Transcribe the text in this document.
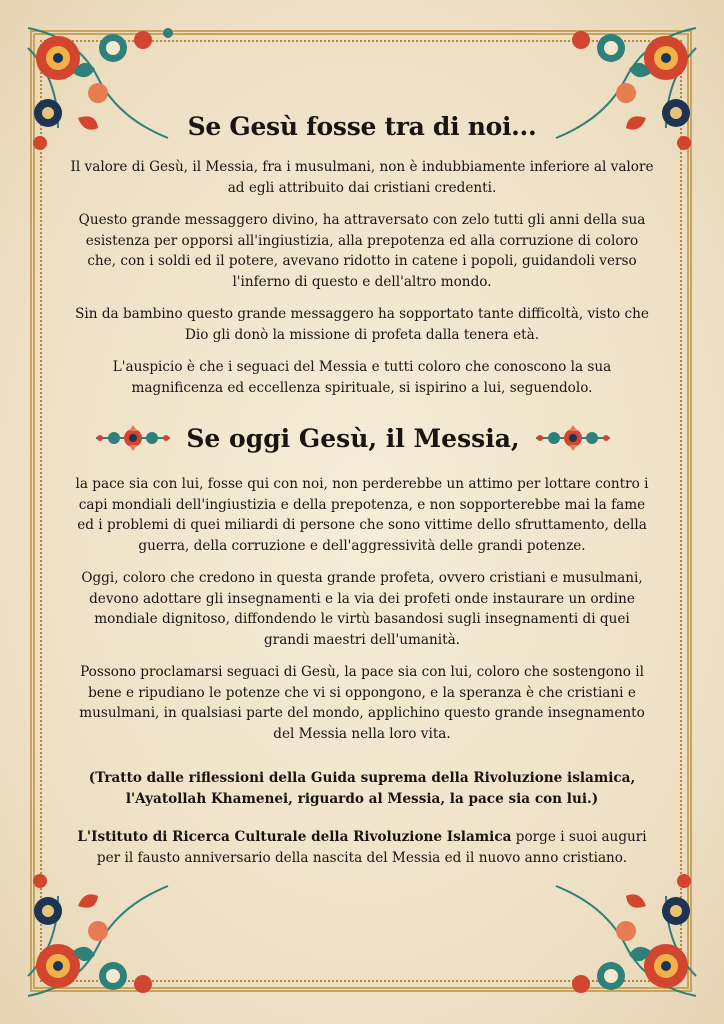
Se Gesù fosse tra di noi...

Il valore di Gesù, il Messia, fra i musulmani, non è indubbiamente inferiore al valore ad egli attribuito dai cristiani credenti.

Questo grande messaggero divino, ha attraversato con zelo tutti gli anni della sua esistenza per opporsi all'ingiustizia, alla prepotenza ed alla corruzione di coloro che, con i soldi ed il potere, avevano ridotto in catene i popoli, guidandoli verso l'inferno di questo e dell'altro mondo.

Sin da bambino questo grande messaggero ha sopportato tante difficoltà, visto che Dio gli donò la missione di profeta dalla tenera età.

L'auspicio è che i seguaci del Messia e tutti coloro che conoscono la sua magnificenza ed eccellenza spirituale, si ispirino a lui, seguendolo.

Se oggi Gesù, il Messia,

la pace sia con lui, fosse qui con noi, non perderebbe un attimo per lottare contro i capi mondiali dell'ingiustizia e della prepotenza, e non sopporterebbe mai la fame ed i problemi di quei miliardi di persone che sono vittime dello sfruttamento, della guerra, della corruzione e dell'aggressività delle grandi potenze.

Oggi, coloro che credono in questa grande profeta, ovvero cristiani e musulmani, devono adottare gli insegnamenti e la via dei profeti onde instaurare un ordine mondiale dignitoso, diffondendo le virtù basandosi sugli insegnamenti di quei grandi maestri dell'umanità.

Possono proclamarsi seguaci di Gesù, la pace sia con lui, coloro che sostengono il bene e ripudiano le potenze che vi si oppongono, e la speranza è che cristiani e musulmani, in qualsiasi parte del mondo, applichino questo grande insegnamento del Messia nella loro vita.

(Tratto dalle riflessioni della Guida suprema della Rivoluzione islamica, l'Ayatollah Khamenei, riguardo al Messia, la pace sia con lui.)

L'Istituto di Ricerca Culturale della Rivoluzione Islamica porge i suoi auguri per il fausto anniversario della nascita del Messia ed il nuovo anno cristiano.
